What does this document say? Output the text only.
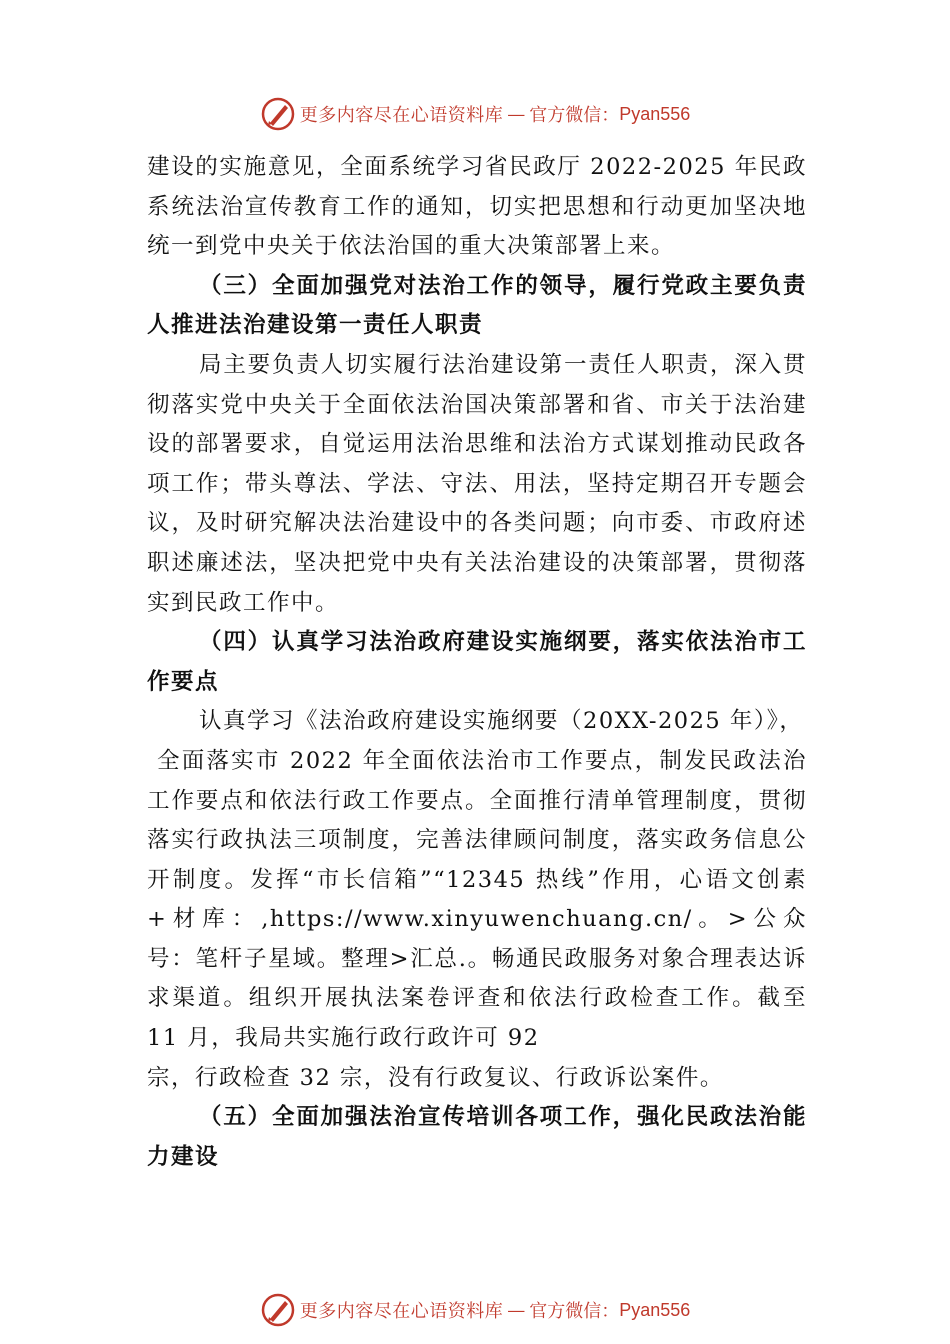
更多内容尽在心语资料库 — 官方微信： Pyan556

建设的实施意见，全面系统学习省民政厅 2022-2025 年民政系统法治宣传教育工作的通知，切实把思想和行动更加坚决地统一到党中央关于依法治国的重大决策部署上来。

（三）全面加强党对法治工作的领导，履行党政主要负责人推进法治建设第一责任人职责

局主要负责人切实履行法治建设第一责任人职责，深入贯彻落实党中央关于全面依法治国决策部署和省、市关于法治建设的部署要求，自觉运用法治思维和法治方式谋划推动民政各项工作；带头尊法、学法、守法、用法，坚持定期召开专题会议，及时研究解决法治建设中的各类问题；向市委、市政府述职述廉述法，坚决把党中央有关法治建设的决策部署，贯彻落实到民政工作中。

（四）认真学习法治政府建设实施纲要，落实依法治市工作要点

认真学习《法治政府建设实施纲要（20XX-2025 年）》，

全面落实市 2022 年全面依法治市工作要点，制发民政法治工作要点和依法行政工作要点。全面推行清单管理制度，贯彻落实行政执法三项制度，完善法律顾问制度，落实政务信息公开制度。发挥“市长信箱”“12345 热线”作用，心语文创素+材库：,https://www.xinyuwenchuang.cn/。>公众号：笔杆子星域。整理>汇总.。畅通民政服务对象合理表达诉求渠道。组织开展执法案卷评查和依法行政检查工作。截至 11 月，我局共实施行政行政许可 92

宗，行政检查 32 宗，没有行政复议、行政诉讼案件。

（五）全面加强法治宣传培训各项工作，强化民政法治能力建设

更多内容尽在心语资料库 — 官方微信： Pyan556
